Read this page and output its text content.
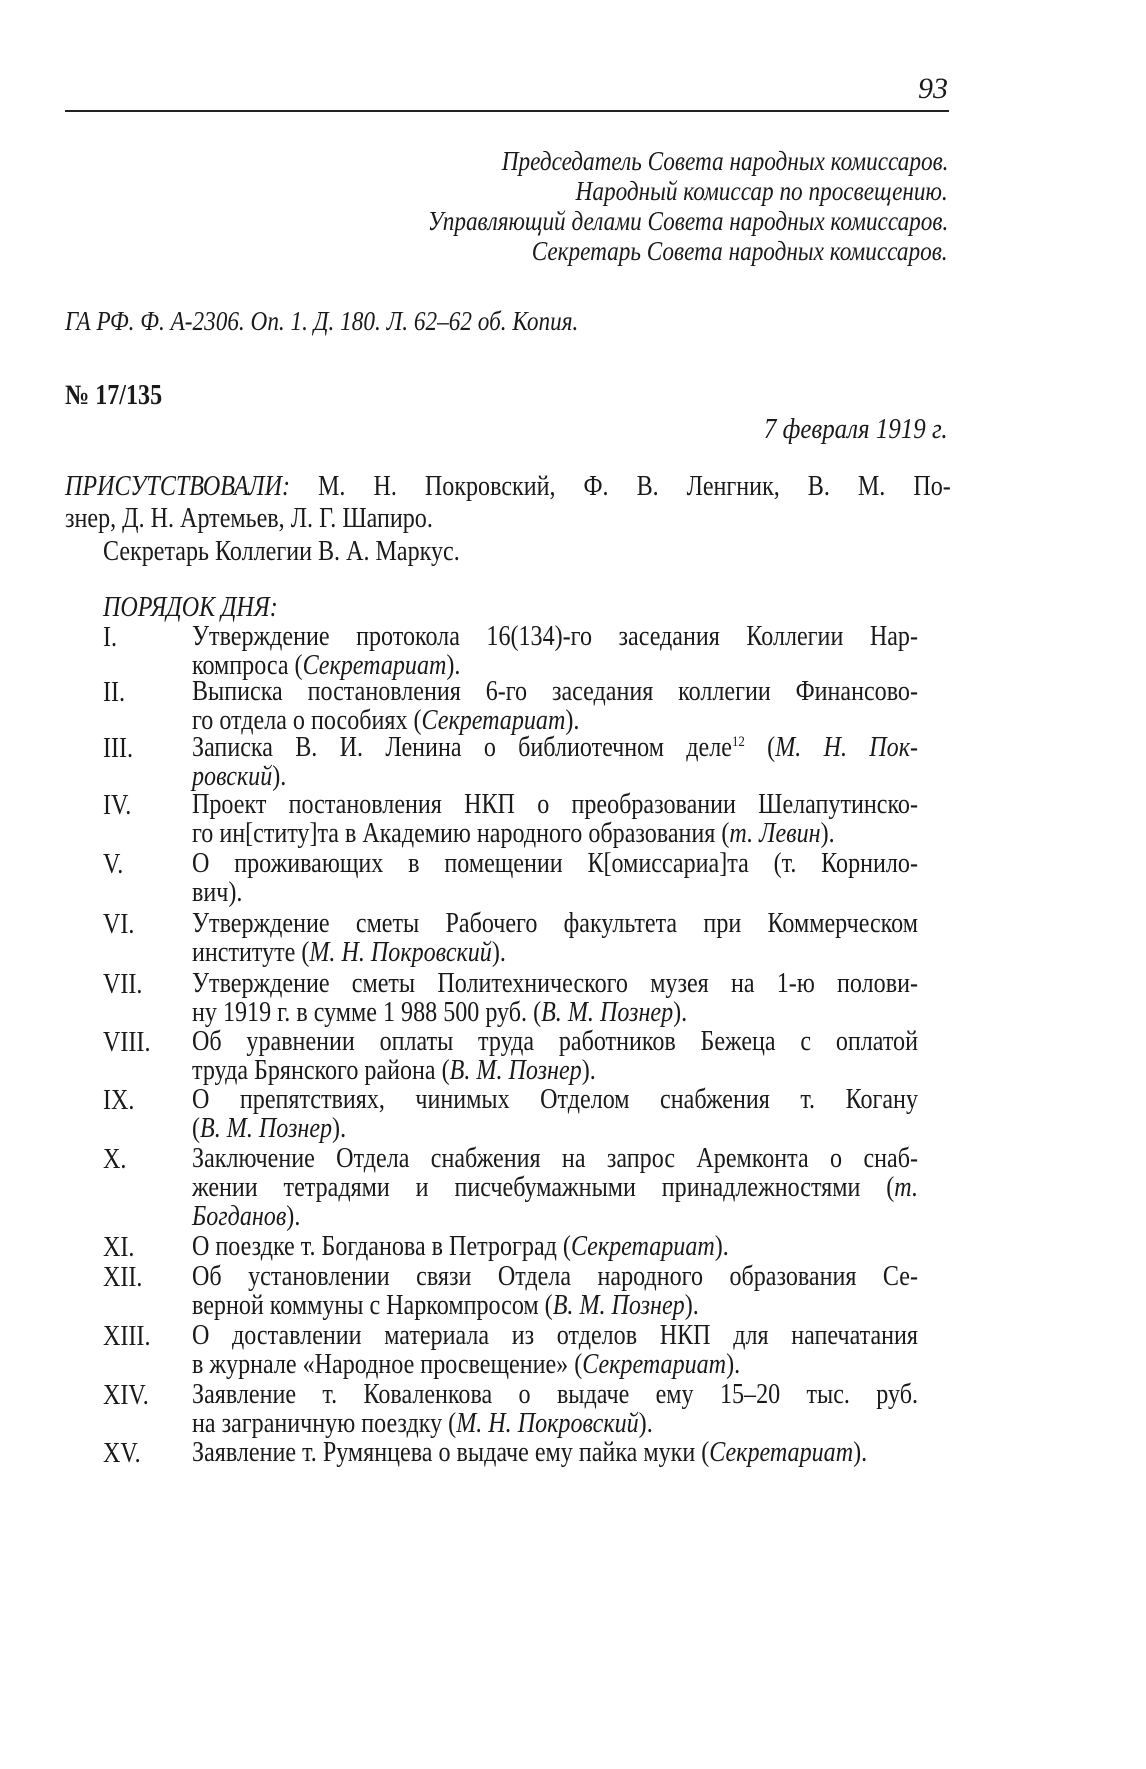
93
Председатель Совета народных комиссаров.
Народный комиссар по просвещению.
Управляющий делами Совета народных комиссаров.
Секретарь Совета народных комиссаров.
ГА РФ. Ф. А-2306. Оп. 1. Д. 180. Л. 62–62 об. Копия.
№ 17/135
7 февраля 1919 г.
ПРИСУТСТВОВАЛИ: М. Н. Покровский, Ф. В. Ленгник, В. М. По-
знер, Д. Н. Артемьев, Л. Г. Шапиро.
Секретарь Коллегии В. А. Маркус.
ПОРЯДОК ДНЯ:
I.	Утверждение протокола 16(134)-го заседания Коллегии Нар-
компроса (Секретариат).
II. Выписка постановления 6-го заседания коллегии Финансово-
го отдела о пособиях (Секретариат).
III. Записка В. И. Ленина о библиотечном деле$^{12}$ (М. Н. Пок-
ровский).
IV. Проект постановления НКП о преобразовании Шелапутинско-
го ин[ститу]та в Академию народного образования (т. Левин).
V. О проживающих в помещении К[омиссариа]та (т. Корнило-
вич).
VI. Утверждение сметы Рабочего факультета при Коммерческом
институте (М. Н. Покровский).
VII. Утверждение сметы Политехнического музея на 1-ю полови-
ну 1919 г. в сумме 1 988 500 руб. (В. М. Познер).
VIII. Об уравнении оплаты труда работников Бежеца с оплатой
труда Брянского района (В. М. Познер).
IX. О препятствиях, чинимых Отделом снабжения т. Когану
(В. М. Познер).
X. Заключение Отдела снабжения на запрос Аремконта о снаб-
жении тетрадями и писчебумажными принадлежностями (т.
Богданов).
XI. О поездке т. Богданова в Петроград (Секретариат).
XII. Об установлении связи Отдела народного образования Се-
верной коммуны с Наркомпросом (В. М. Познер).
XIII. О доставлении материала из отделов НКП для напечатания
в журнале «Народное просвещение» (Секретариат).
XIV. Заявление т. Коваленкова о выдаче ему 15–20 тыс. руб.
на заграничную поездку (М. Н. Покровский).
XV. Заявление т. Румянцева о выдаче ему пайка муки (Секретариат).
